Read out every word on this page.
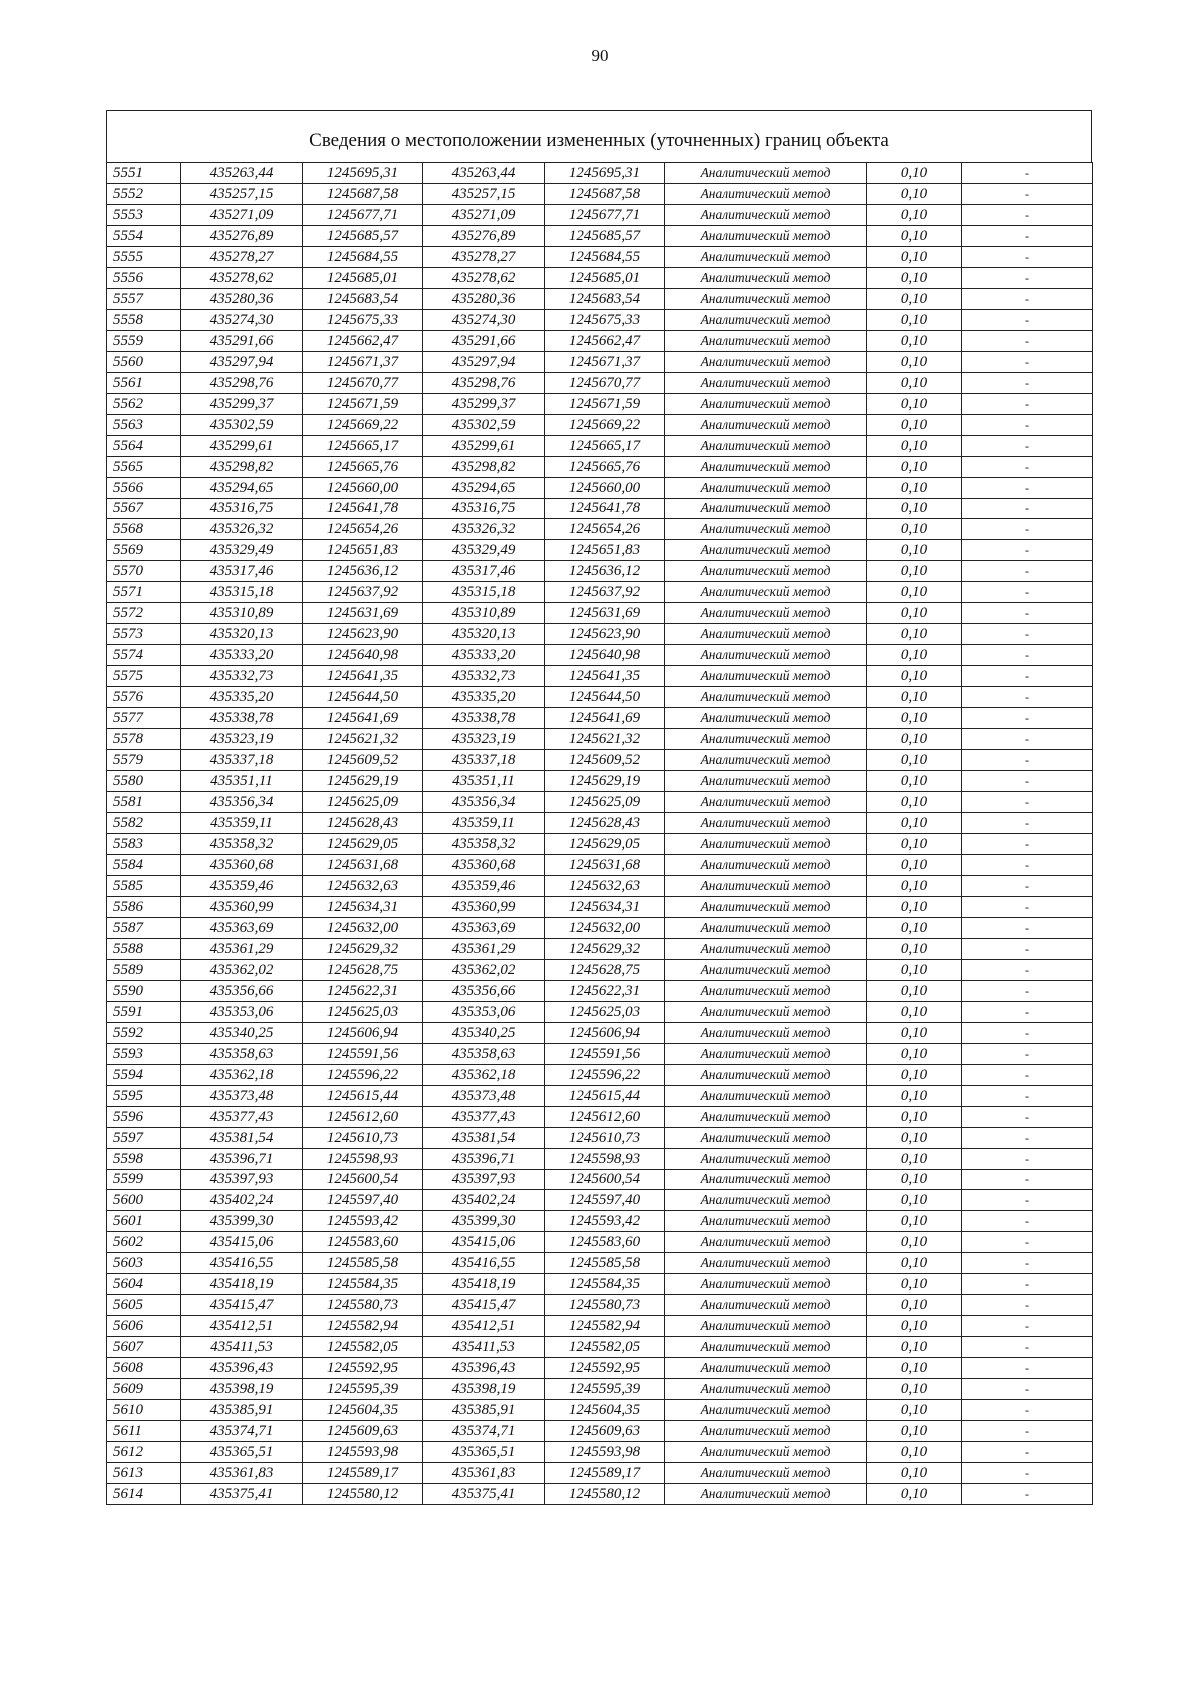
90
Сведения о местоположении измененных (уточненных) границ объекта
5551	435263,44	1245695,31	435263,44	1245695,31	Аналитический метод	0,10	-
5552	435257,15	1245687,58	435257,15	1245687,58	Аналитический метод	0,10	-
5553	435271,09	1245677,71	435271,09	1245677,71	Аналитический метод	0,10	-
5554	435276,89	1245685,57	435276,89	1245685,57	Аналитический метод	0,10	-
5555	435278,27	1245684,55	435278,27	1245684,55	Аналитический метод	0,10	-
5556	435278,62	1245685,01	435278,62	1245685,01	Аналитический метод	0,10	-
5557	435280,36	1245683,54	435280,36	1245683,54	Аналитический метод	0,10	-
5558	435274,30	1245675,33	435274,30	1245675,33	Аналитический метод	0,10	-
5559	435291,66	1245662,47	435291,66	1245662,47	Аналитический метод	0,10	-
5560	435297,94	1245671,37	435297,94	1245671,37	Аналитический метод	0,10	-
5561	435298,76	1245670,77	435298,76	1245670,77	Аналитический метод	0,10	-
5562	435299,37	1245671,59	435299,37	1245671,59	Аналитический метод	0,10	-
5563	435302,59	1245669,22	435302,59	1245669,22	Аналитический метод	0,10	-
5564	435299,61	1245665,17	435299,61	1245665,17	Аналитический метод	0,10	-
5565	435298,82	1245665,76	435298,82	1245665,76	Аналитический метод	0,10	-
5566	435294,65	1245660,00	435294,65	1245660,00	Аналитический метод	0,10	-
5567	435316,75	1245641,78	435316,75	1245641,78	Аналитический метод	0,10	-
5568	435326,32	1245654,26	435326,32	1245654,26	Аналитический метод	0,10	-
5569	435329,49	1245651,83	435329,49	1245651,83	Аналитический метод	0,10	-
5570	435317,46	1245636,12	435317,46	1245636,12	Аналитический метод	0,10	-
5571	435315,18	1245637,92	435315,18	1245637,92	Аналитический метод	0,10	-
5572	435310,89	1245631,69	435310,89	1245631,69	Аналитический метод	0,10	-
5573	435320,13	1245623,90	435320,13	1245623,90	Аналитический метод	0,10	-
5574	435333,20	1245640,98	435333,20	1245640,98	Аналитический метод	0,10	-
5575	435332,73	1245641,35	435332,73	1245641,35	Аналитический метод	0,10	-
5576	435335,20	1245644,50	435335,20	1245644,50	Аналитический метод	0,10	-
5577	435338,78	1245641,69	435338,78	1245641,69	Аналитический метод	0,10	-
5578	435323,19	1245621,32	435323,19	1245621,32	Аналитический метод	0,10	-
5579	435337,18	1245609,52	435337,18	1245609,52	Аналитический метод	0,10	-
5580	435351,11	1245629,19	435351,11	1245629,19	Аналитический метод	0,10	-
5581	435356,34	1245625,09	435356,34	1245625,09	Аналитический метод	0,10	-
5582	435359,11	1245628,43	435359,11	1245628,43	Аналитический метод	0,10	-
5583	435358,32	1245629,05	435358,32	1245629,05	Аналитический метод	0,10	-
5584	435360,68	1245631,68	435360,68	1245631,68	Аналитический метод	0,10	-
5585	435359,46	1245632,63	435359,46	1245632,63	Аналитический метод	0,10	-
5586	435360,99	1245634,31	435360,99	1245634,31	Аналитический метод	0,10	-
5587	435363,69	1245632,00	435363,69	1245632,00	Аналитический метод	0,10	-
5588	435361,29	1245629,32	435361,29	1245629,32	Аналитический метод	0,10	-
5589	435362,02	1245628,75	435362,02	1245628,75	Аналитический метод	0,10	-
5590	435356,66	1245622,31	435356,66	1245622,31	Аналитический метод	0,10	-
5591	435353,06	1245625,03	435353,06	1245625,03	Аналитический метод	0,10	-
5592	435340,25	1245606,94	435340,25	1245606,94	Аналитический метод	0,10	-
5593	435358,63	1245591,56	435358,63	1245591,56	Аналитический метод	0,10	-
5594	435362,18	1245596,22	435362,18	1245596,22	Аналитический метод	0,10	-
5595	435373,48	1245615,44	435373,48	1245615,44	Аналитический метод	0,10	-
5596	435377,43	1245612,60	435377,43	1245612,60	Аналитический метод	0,10	-
5597	435381,54	1245610,73	435381,54	1245610,73	Аналитический метод	0,10	-
5598	435396,71	1245598,93	435396,71	1245598,93	Аналитический метод	0,10	-
5599	435397,93	1245600,54	435397,93	1245600,54	Аналитический метод	0,10	-
5600	435402,24	1245597,40	435402,24	1245597,40	Аналитический метод	0,10	-
5601	435399,30	1245593,42	435399,30	1245593,42	Аналитический метод	0,10	-
5602	435415,06	1245583,60	435415,06	1245583,60	Аналитический метод	0,10	-
5603	435416,55	1245585,58	435416,55	1245585,58	Аналитический метод	0,10	-
5604	435418,19	1245584,35	435418,19	1245584,35	Аналитический метод	0,10	-
5605	435415,47	1245580,73	435415,47	1245580,73	Аналитический метод	0,10	-
5606	435412,51	1245582,94	435412,51	1245582,94	Аналитический метод	0,10	-
5607	435411,53	1245582,05	435411,53	1245582,05	Аналитический метод	0,10	-
5608	435396,43	1245592,95	435396,43	1245592,95	Аналитический метод	0,10	-
5609	435398,19	1245595,39	435398,19	1245595,39	Аналитический метод	0,10	-
5610	435385,91	1245604,35	435385,91	1245604,35	Аналитический метод	0,10	-
5611	435374,71	1245609,63	435374,71	1245609,63	Аналитический метод	0,10	-
5612	435365,51	1245593,98	435365,51	1245593,98	Аналитический метод	0,10	-
5613	435361,83	1245589,17	435361,83	1245589,17	Аналитический метод	0,10	-
5614	435375,41	1245580,12	435375,41	1245580,12	Аналитический метод	0,10	-
